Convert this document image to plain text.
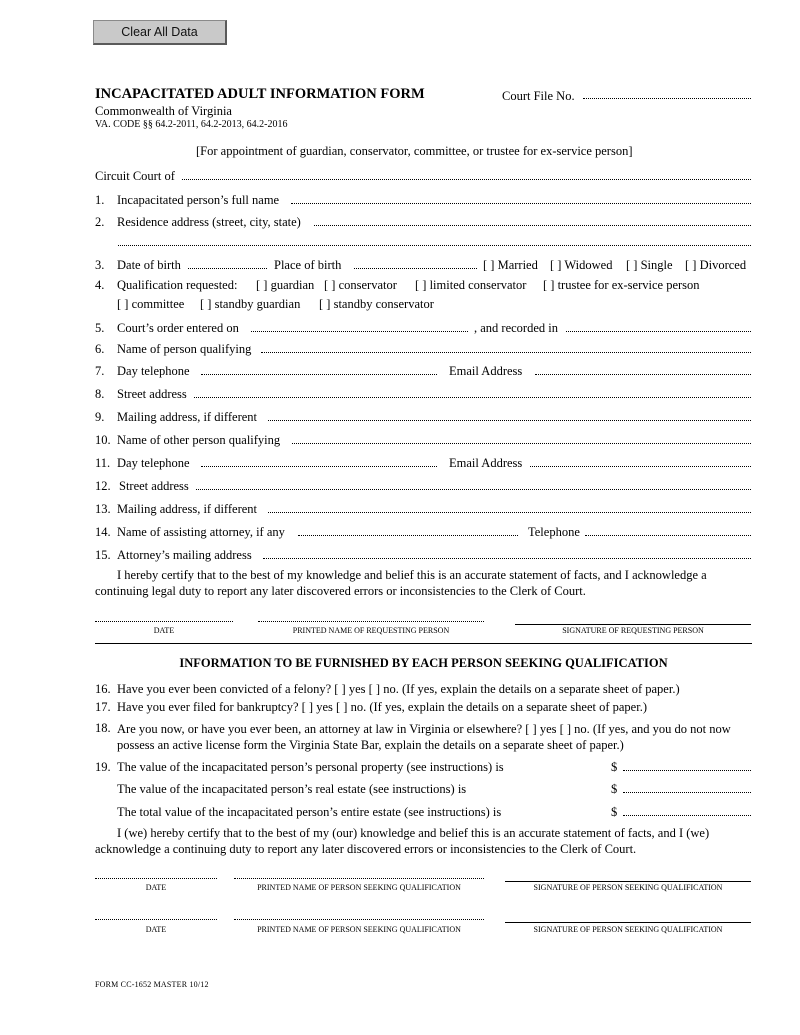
Clear All Data
INCAPACITATED ADULT INFORMATION FORM	Court File No.
Commonwealth of Virginia
VA. CODE §§ 64.2-2011, 64.2-2013, 64.2-2016
[For appointment of guardian, conservator, committee, or trustee for ex-service person]
Circuit Court of
1. Incapacitated person’s full name
2. Residence address (street, city, state)
3. Date of birth	Place of birth	[ ] Married [ ] Widowed [ ] Single [ ] Divorced
4. Qualification requested: [ ] guardian [ ] conservator [ ] limited conservator [ ] trustee for ex-service person
[ ] committee [ ] standby guardian [ ] standby conservator
5. Court’s order entered on	, and recorded in
6. Name of person qualifying
7. Day telephone	Email Address
8. Street address
9. Mailing address, if different
10. Name of other person qualifying
11. Day telephone	Email Address
12. Street address
13. Mailing address, if different
14. Name of assisting attorney, if any	Telephone
15. Attorney’s mailing address
I hereby certify that to the best of my knowledge and belief this is an accurate statement of facts, and I acknowledge a continuing legal duty to report any later discovered errors or inconsistencies to the Clerk of Court.
DATE	PRINTED NAME OF REQUESTING PERSON	SIGNATURE OF REQUESTING PERSON
INFORMATION TO BE FURNISHED BY EACH PERSON SEEKING QUALIFICATION
16. Have you ever been convicted of a felony? [ ] yes [ ] no. (If yes, explain the details on a separate sheet of paper.)
17. Have you ever filed for bankruptcy? [ ] yes [ ] no. (If yes, explain the details on a separate sheet of paper.)
18. Are you now, or have you ever been, an attorney at law in Virginia or elsewhere? [ ] yes [ ] no. (If yes, and you do not now possess an active license form the Virginia State Bar, explain the details on a separate sheet of paper.)
19. The value of the incapacitated person’s personal property (see instructions) is	$
The value of the incapacitated person’s real estate (see instructions) is	$
The total value of the incapacitated person’s entire estate (see instructions) is	$
I (we) hereby certify that to the best of my (our) knowledge and belief this is an accurate statement of facts, and I (we) acknowledge a continuing duty to report any later discovered errors or inconsistencies to the Clerk of Court.
DATE	PRINTED NAME OF PERSON SEEKING QUALIFICATION	SIGNATURE OF PERSON SEEKING QUALIFICATION
DATE	PRINTED NAME OF PERSON SEEKING QUALIFICATION	SIGNATURE OF PERSON SEEKING QUALIFICATION
FORM CC-1652 MASTER 10/12
